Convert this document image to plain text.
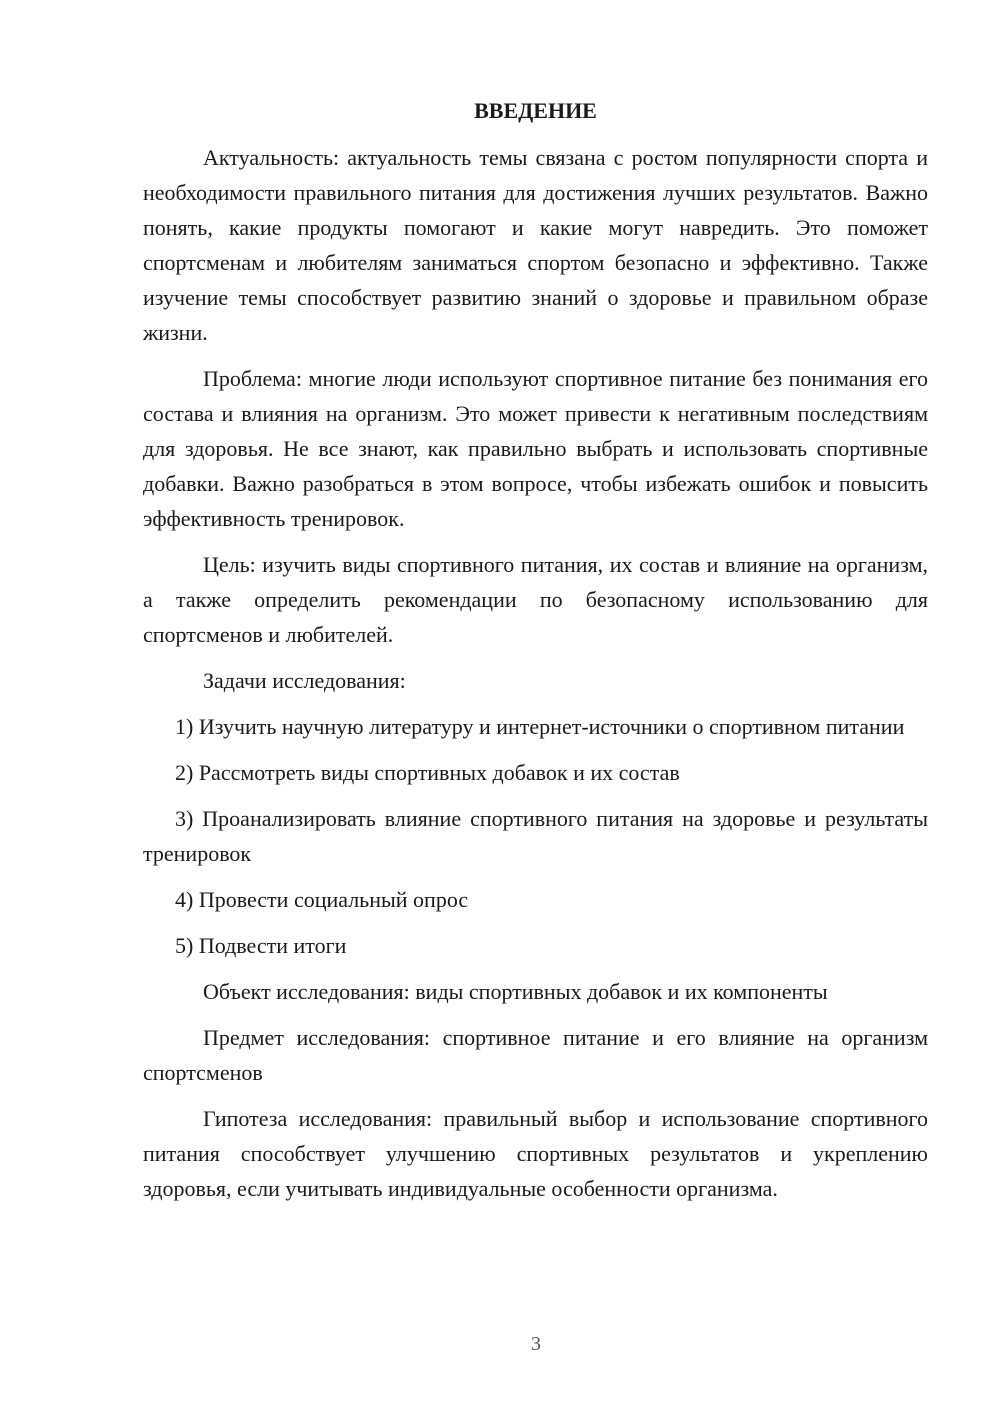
ВВЕДЕНИЕ

Актуальность: актуальность темы связана с ростом популярности спорта и необходимости правильного питания для достижения лучших результатов. Важно понять, какие продукты помогают и какие могут навредить. Это поможет спортсменам и любителям заниматься спортом безопасно и эффективно. Также изучение темы способствует развитию знаний о здоровье и правильном образе жизни.

Проблема: многие люди используют спортивное питание без понимания его состава и влияния на организм. Это может привести к негативным последствиям для здоровья. Не все знают, как правильно выбрать и использовать спортивные добавки. Важно разобраться в этом вопросе, чтобы избежать ошибок и повысить эффективность тренировок.

Цель: изучить виды спортивного питания, их состав и влияние на организм, а также определить рекомендации по безопасному использованию для спортсменов и любителей.

Задачи исследования:

1) Изучить научную литературу и интернет-источники о спортивном питании

2) Рассмотреть виды спортивных добавок и их состав

3) Проанализировать влияние спортивного питания на здоровье и результаты тренировок

4) Провести социальный опрос

5) Подвести итоги

Объект исследования: виды спортивных добавок и их компоненты

Предмет исследования: спортивное питание и его влияние на организм спортсменов

Гипотеза исследования: правильный выбор и использование спортивного питания способствует улучшению спортивных результатов и укреплению здоровья, если учитывать индивидуальные особенности организма.

3
